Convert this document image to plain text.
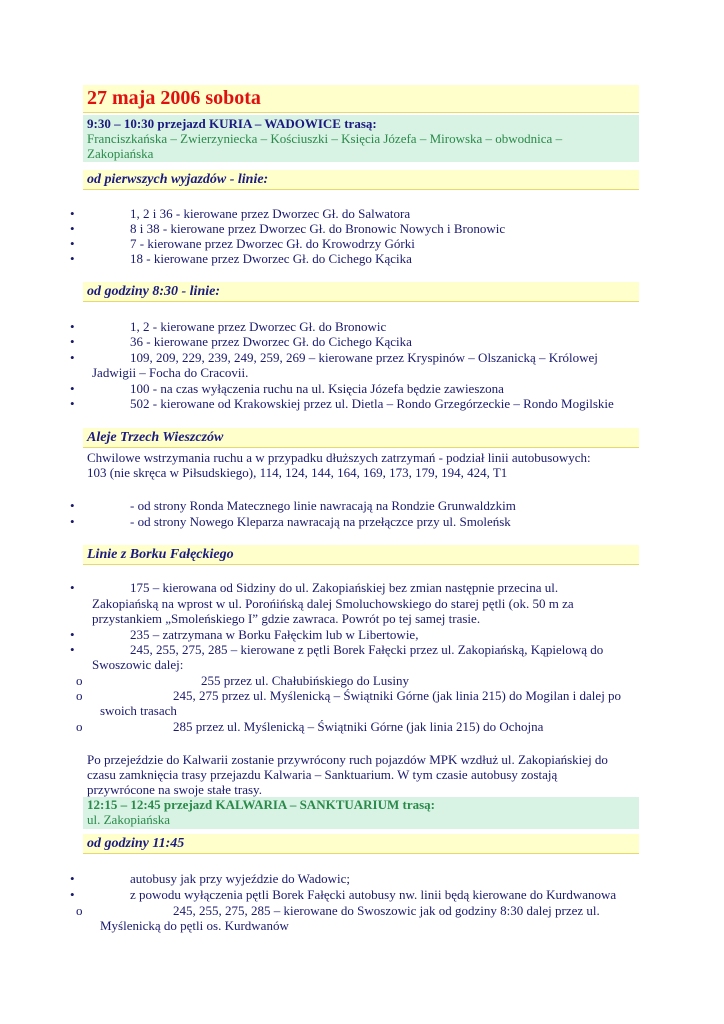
27 maja 2006 sobota
9:30 – 10:30 przejazd KURIA – WADOWICE trasą:
Franciszkańska – Zwierzyniecka – Kościuszki – Księcia Józefa – Mirowska – obwodnica –
Zakopiańska
od pierwszych wyjazdów - linie:
•	1, 2 i 36 - kierowane przez Dworzec Gł. do Salwatora
•	8 i 38 - kierowane przez Dworzec Gł. do Bronowic Nowych i Bronowic
•	7 - kierowane przez Dworzec Gł. do Krowodrzy Górki
•	18 - kierowane przez Dworzec Gł. do Cichego Kącika
od godziny 8:30 - linie:
•	1, 2 - kierowane przez Dworzec Gł. do Bronowic
•	36 - kierowane przez Dworzec Gł. do Cichego Kącika
•	109, 209, 229, 239, 249, 259, 269 – kierowane przez Kryspinów – Olszanicką – Królowej
Jadwigii – Focha do Cracovii.
•	100 - na czas wyłączenia ruchu na ul. Księcia Józefa będzie zawieszona
•	502 - kierowane od Krakowskiej przez ul. Dietla – Rondo Grzegórzeckie – Rondo Mogilskie
Aleje Trzech Wieszczów
Chwilowe wstrzymania ruchu a w przypadku dłuższych zatrzymań - podział linii autobusowych:
103 (nie skręca w Piłsudskiego), 114, 124, 144, 164, 169, 173, 179, 194, 424, T1
•	- od strony Ronda Matecznego linie nawracają na Rondzie Grunwaldzkim
•	- od strony Nowego Kleparza nawracają na przełączce przy ul. Smoleńsk
Linie z Borku Fałęckiego
•	175 – kierowana od Sidziny do ul. Zakopiańskiej bez zmian następnie przecina ul.
Zakopiańską na wprost w ul. Porońińską dalej Smoluchowskiego do starej pętli (ok. 50 m za
przystankiem „Smoleńskiego I” gdzie zawraca. Powrót po tej samej trasie.
•	235 – zatrzymana w Borku Fałęckim lub w Libertowie,
•	245, 255, 275, 285 – kierowane z pętli Borek Fałęcki przez ul. Zakopiańską, Kąpielową do
Swoszowic dalej:
o	255 przez ul. Chałubińskiego do Lusiny
o	245, 275 przez ul. Myślenicką – Świątniki Górne (jak linia 215) do Mogilan i dalej po
swoich trasach
o	285 przez ul. Myślenicką – Świątniki Górne (jak linia 215) do Ochojna
Po przejeździe do Kalwarii zostanie przywrócony ruch pojazdów MPK wzdłuż ul. Zakopiańskiej do
czasu zamknięcia trasy przejazdu Kalwaria – Sanktuarium. W tym czasie autobusy zostają
przywrócone na swoje stałe trasy.
12:15 – 12:45 przejazd KALWARIA – SANKTUARIUM trasą:
ul. Zakopiańska
od godziny 11:45
•	autobusy jak przy wyjeździe do Wadowic;
•	z powodu wyłączenia pętli Borek Fałęcki autobusy nw. linii będą kierowane do Kurdwanowa
o	245, 255, 275, 285 – kierowane do Swoszowic jak od godziny 8:30 dalej przez ul.
Myślenicką do pętli os. Kurdwanów
